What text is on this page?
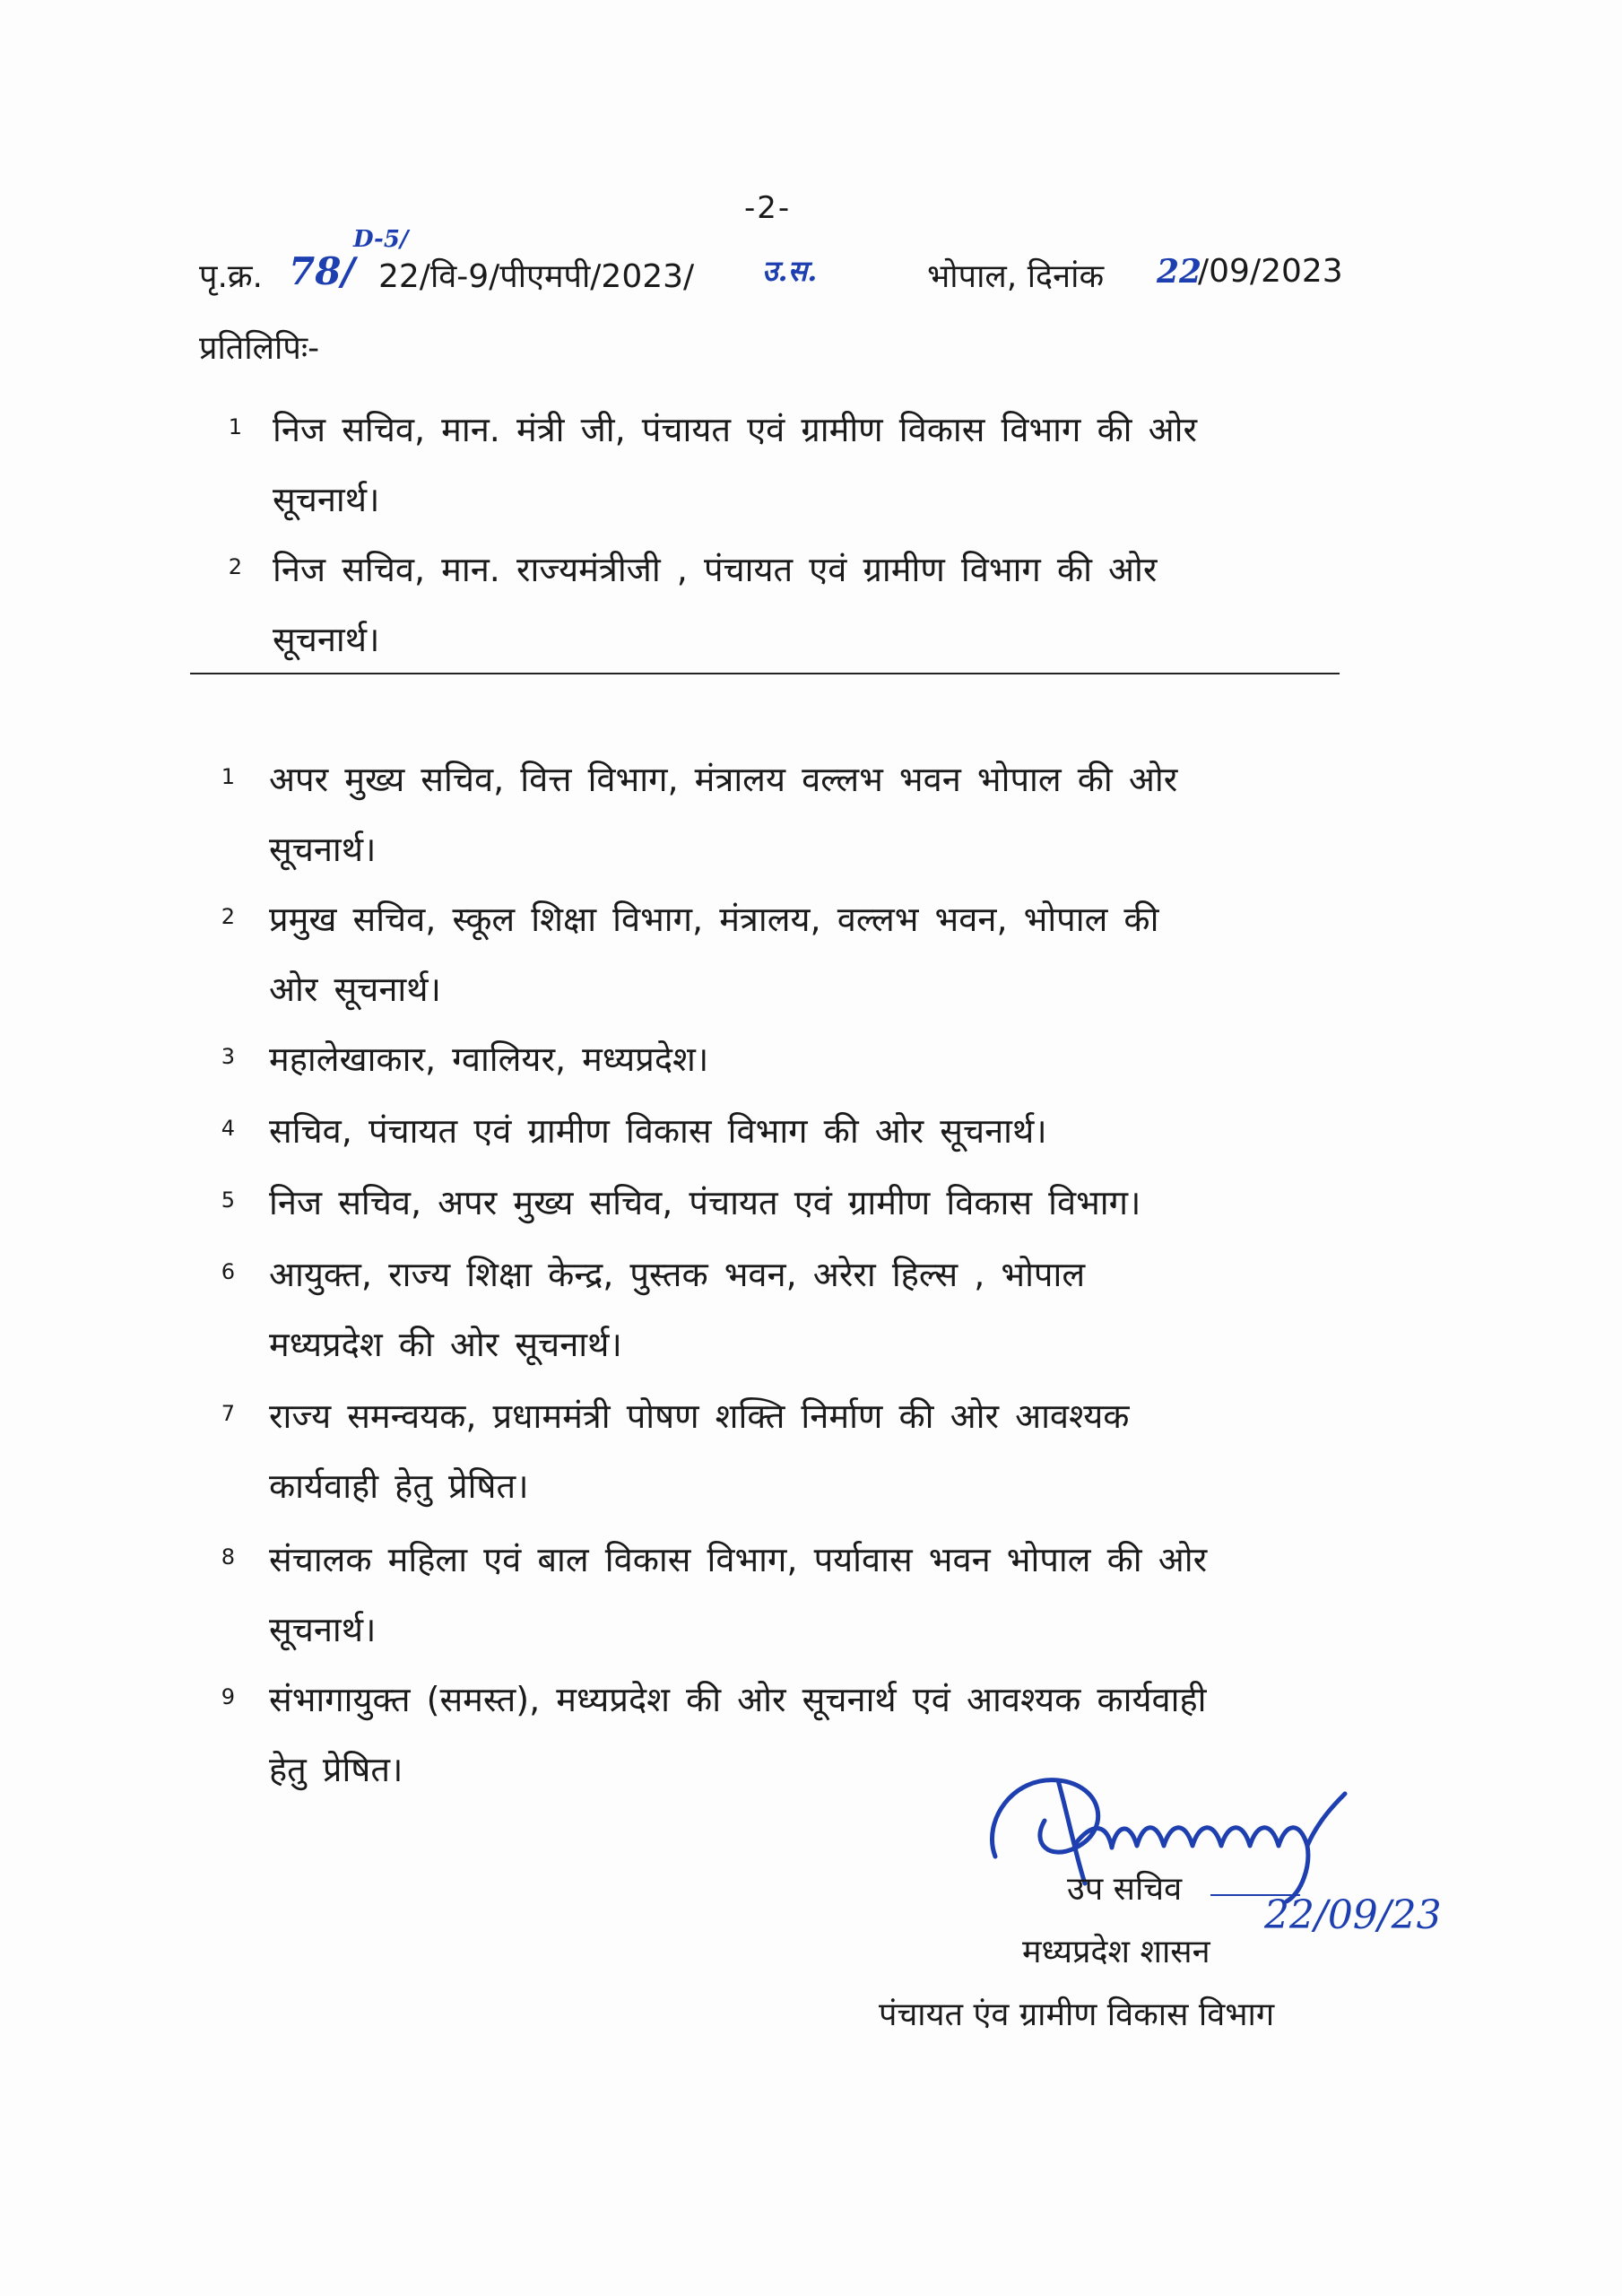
-2-
पृ.क्र. 78/
D-5/
22/वि-9/पीएमपी/2023/ उ.स.	भोपाल, दिनांक 22
/09/2023
प्रतिलिपिः-
1 निज सचिव, मान. मंत्री जी, पंचायत एवं ग्रामीण विकास विभाग की ओर
सूचनार्थ।
2 निज सचिव, मान. राज्यमंत्रीजी , पंचायत एवं ग्रामीण विभाग की ओर
सूचनार्थ।
1 अपर मुख्य सचिव, वित्त विभाग, मंत्रालय वल्लभ भवन भोपाल की ओर
सूचनार्थ।
2 प्रमुख सचिव, स्कूल शिक्षा विभाग, मंत्रालय, वल्लभ भवन, भोपाल की
ओर सूचनार्थ।
3 महालेखाकार, ग्वालियर, मध्यप्रदेश।
4 सचिव, पंचायत एवं ग्रामीण विकास विभाग की ओर सूचनार्थ।
5 निज सचिव, अपर मुख्य सचिव, पंचायत एवं ग्रामीण विकास विभाग।
6 आयुक्त, राज्य शिक्षा केन्द्र, पुस्तक भवन, अरेरा हिल्स , भोपाल
मध्यप्रदेश की ओर सूचनार्थ।
7 राज्य समन्वयक, प्रधाममंत्री पोषण शक्ति निर्माण की ओर आवश्यक
कार्यवाही हेतु प्रेषित।
8 संचालक महिला एवं बाल विकास विभाग, पर्यावास भवन भोपाल की ओर
सूचनार्थ।
9 संभागायुक्त (समस्त), मध्यप्रदेश की ओर सूचनार्थ एवं आवश्यक कार्यवाही
हेतु प्रेषित।
उप सचिव
22/09/23
मध्यप्रदेश शासन
पंचायत एंव ग्रामीण विकास विभाग
